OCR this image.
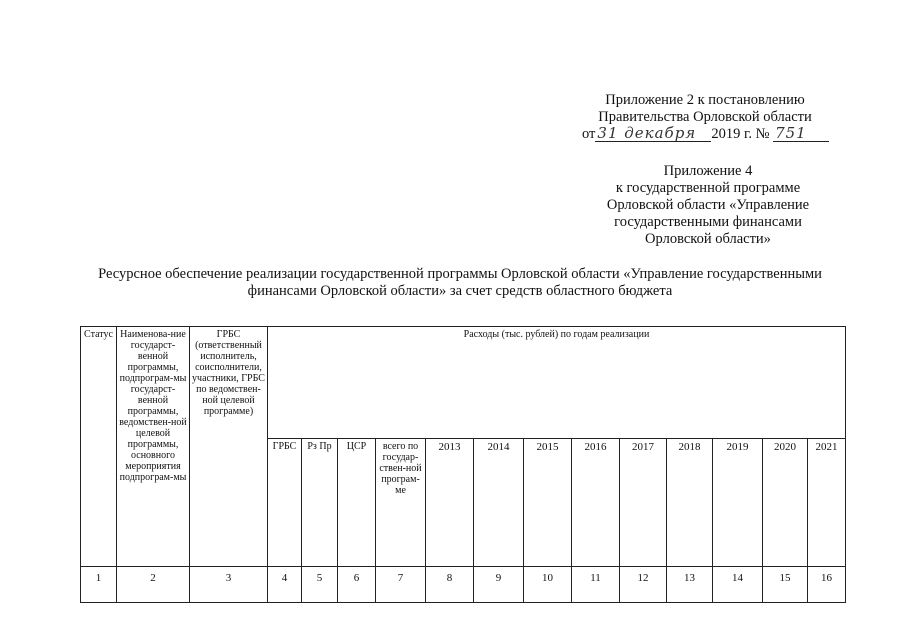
Приложение 2 к постановлению
Правительства Орловской области
от 31 декабря 2019 г. № 751
Приложение 4
к государственной программе
Орловской области «Управление
государственными финансами
Орловской области»
Ресурсное обеспечение реализации государственной программы Орловской области «Управление государственными
финансами Орловской области» за счет средств областного бюджета
Статус	Наименова-ние государст-венной программы, подпрограм-мы государст-венной программы, ведомствен-ной целевой программы, основного мероприятия подпрограм-мы	ГРБС (ответственный исполнитель, соисполнители, участники, ГРБС по ведомствен-ной целевой программе)	Расходы (тыс. рублей) по годам реализации												
			ГРБС	Рз Пр	ЦСР	всего по государ-ствен-ной програм-ме	2013	2014	2015	2016	2017	2018	2019	2020	2021
1	2	3	4	5	6	7	8	9	10	11	12	13	14	15	16
